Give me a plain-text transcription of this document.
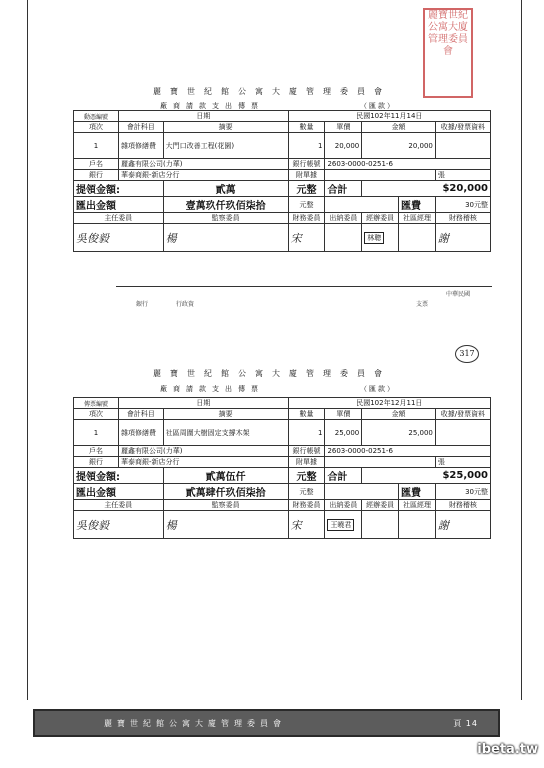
麗寶世紀公寓大廈管理委員會
麗寶世紀館公寓大廈管理委員會
廠商請款支出傳票	（匯款）
動憑編號	日期		民國102年11月14日				
項次	會計科目	摘要	數量	單價	金額		收據/發票資料
1	雜項修繕費	大門口改善工程(花園)	1	20,000	20,000		
戶名	麗鑫有限公司(力華)		銀行帳號	2603-0000-0251-6			
銀行	華泰商銀-新店分行		附單據				張
提領金額:		貳萬	元整	合計	$20,000		
匯出金額		壹萬玖仟玖佰柒拾	元整			匯費	30元整
主任委員		監察委員	財務委員	出納委員	經辦委員	社區經理	財務稽核
吳俊毅		楊	宋		林聰		謝
中華民國
銀行	行政資	支票
317
麗寶世紀館公寓大廈管理委員會
廠商請款支出傳票	（匯款）
傳票編號	日期		民國102年12月11日				
項次	會計科目	摘要	數量	單價	金額		收據/發票資料
1	雜項修繕費	社區周圍大樹固定支撐木架	1	25,000	25,000		
戶名	麗鑫有限公司(力華)		銀行帳號	2603-0000-0251-6			
銀行	華泰商銀-新店分行		附單據				張
提領金額:		貳萬伍仟	元整	合計	$25,000		
匯出金額		貳萬肆仟玖佰柒拾	元整			匯費	30元整
主任委員		監察委員	財務委員	出納委員	經辦委員	社區經理	財務稽核
吳俊毅		楊	宋	王曉君			謝
麗寶世紀館公寓大廈管理委員會	頁 14
ibeta.tw
